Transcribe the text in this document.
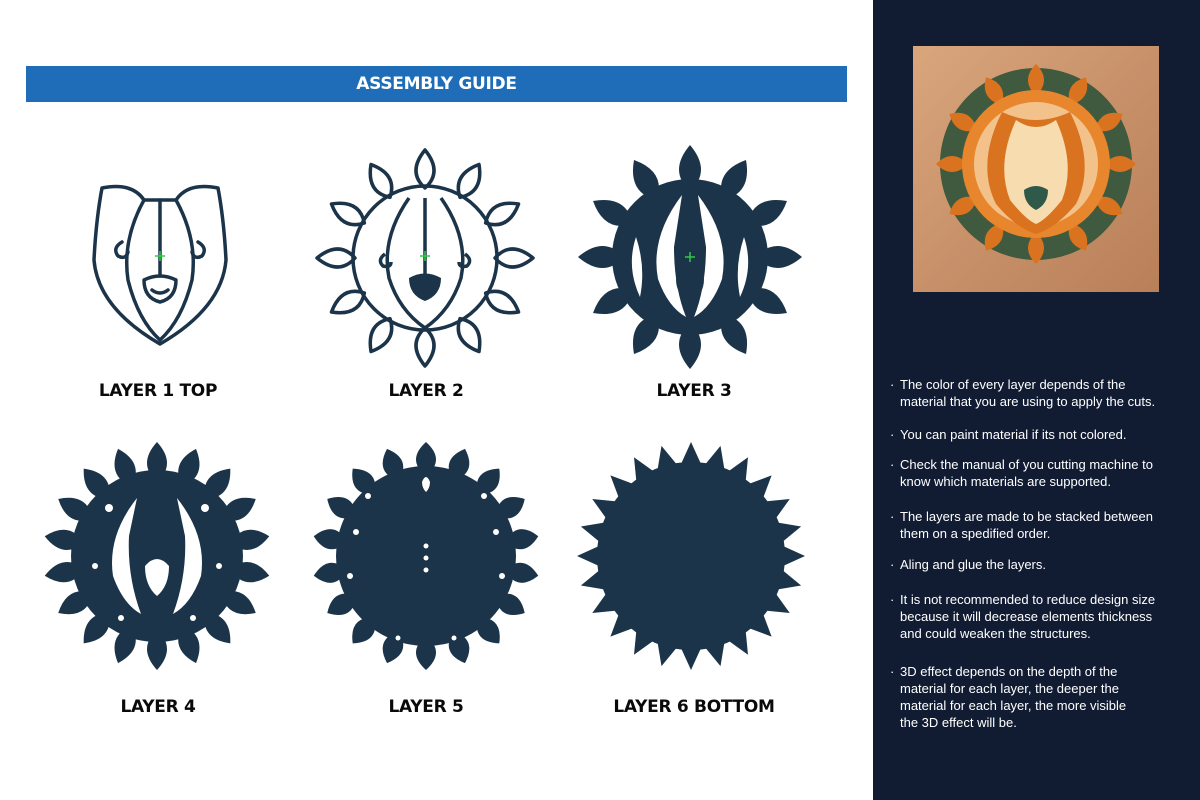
ASSEMBLY GUIDE
LAYER 1 TOP	LAYER 2	LAYER 3
LAYER 4	LAYER 5	LAYER 6 BOTTOM
· The color of every layer depends of the
material that you are using to apply the cuts.
· You can paint material if its not colored.
· Check the manual of you cutting machine to
know which materials are supported.
· The layers are made to be stacked between
them on a spedified order.
· Aling and glue the layers.
· It is not recommended to reduce design size
because it will decrease elements thickness
and could weaken the structures.
· 3D effect depends on the depth of the
material for each layer, the deeper the
material for each layer, the more visible
the 3D effect will be.
